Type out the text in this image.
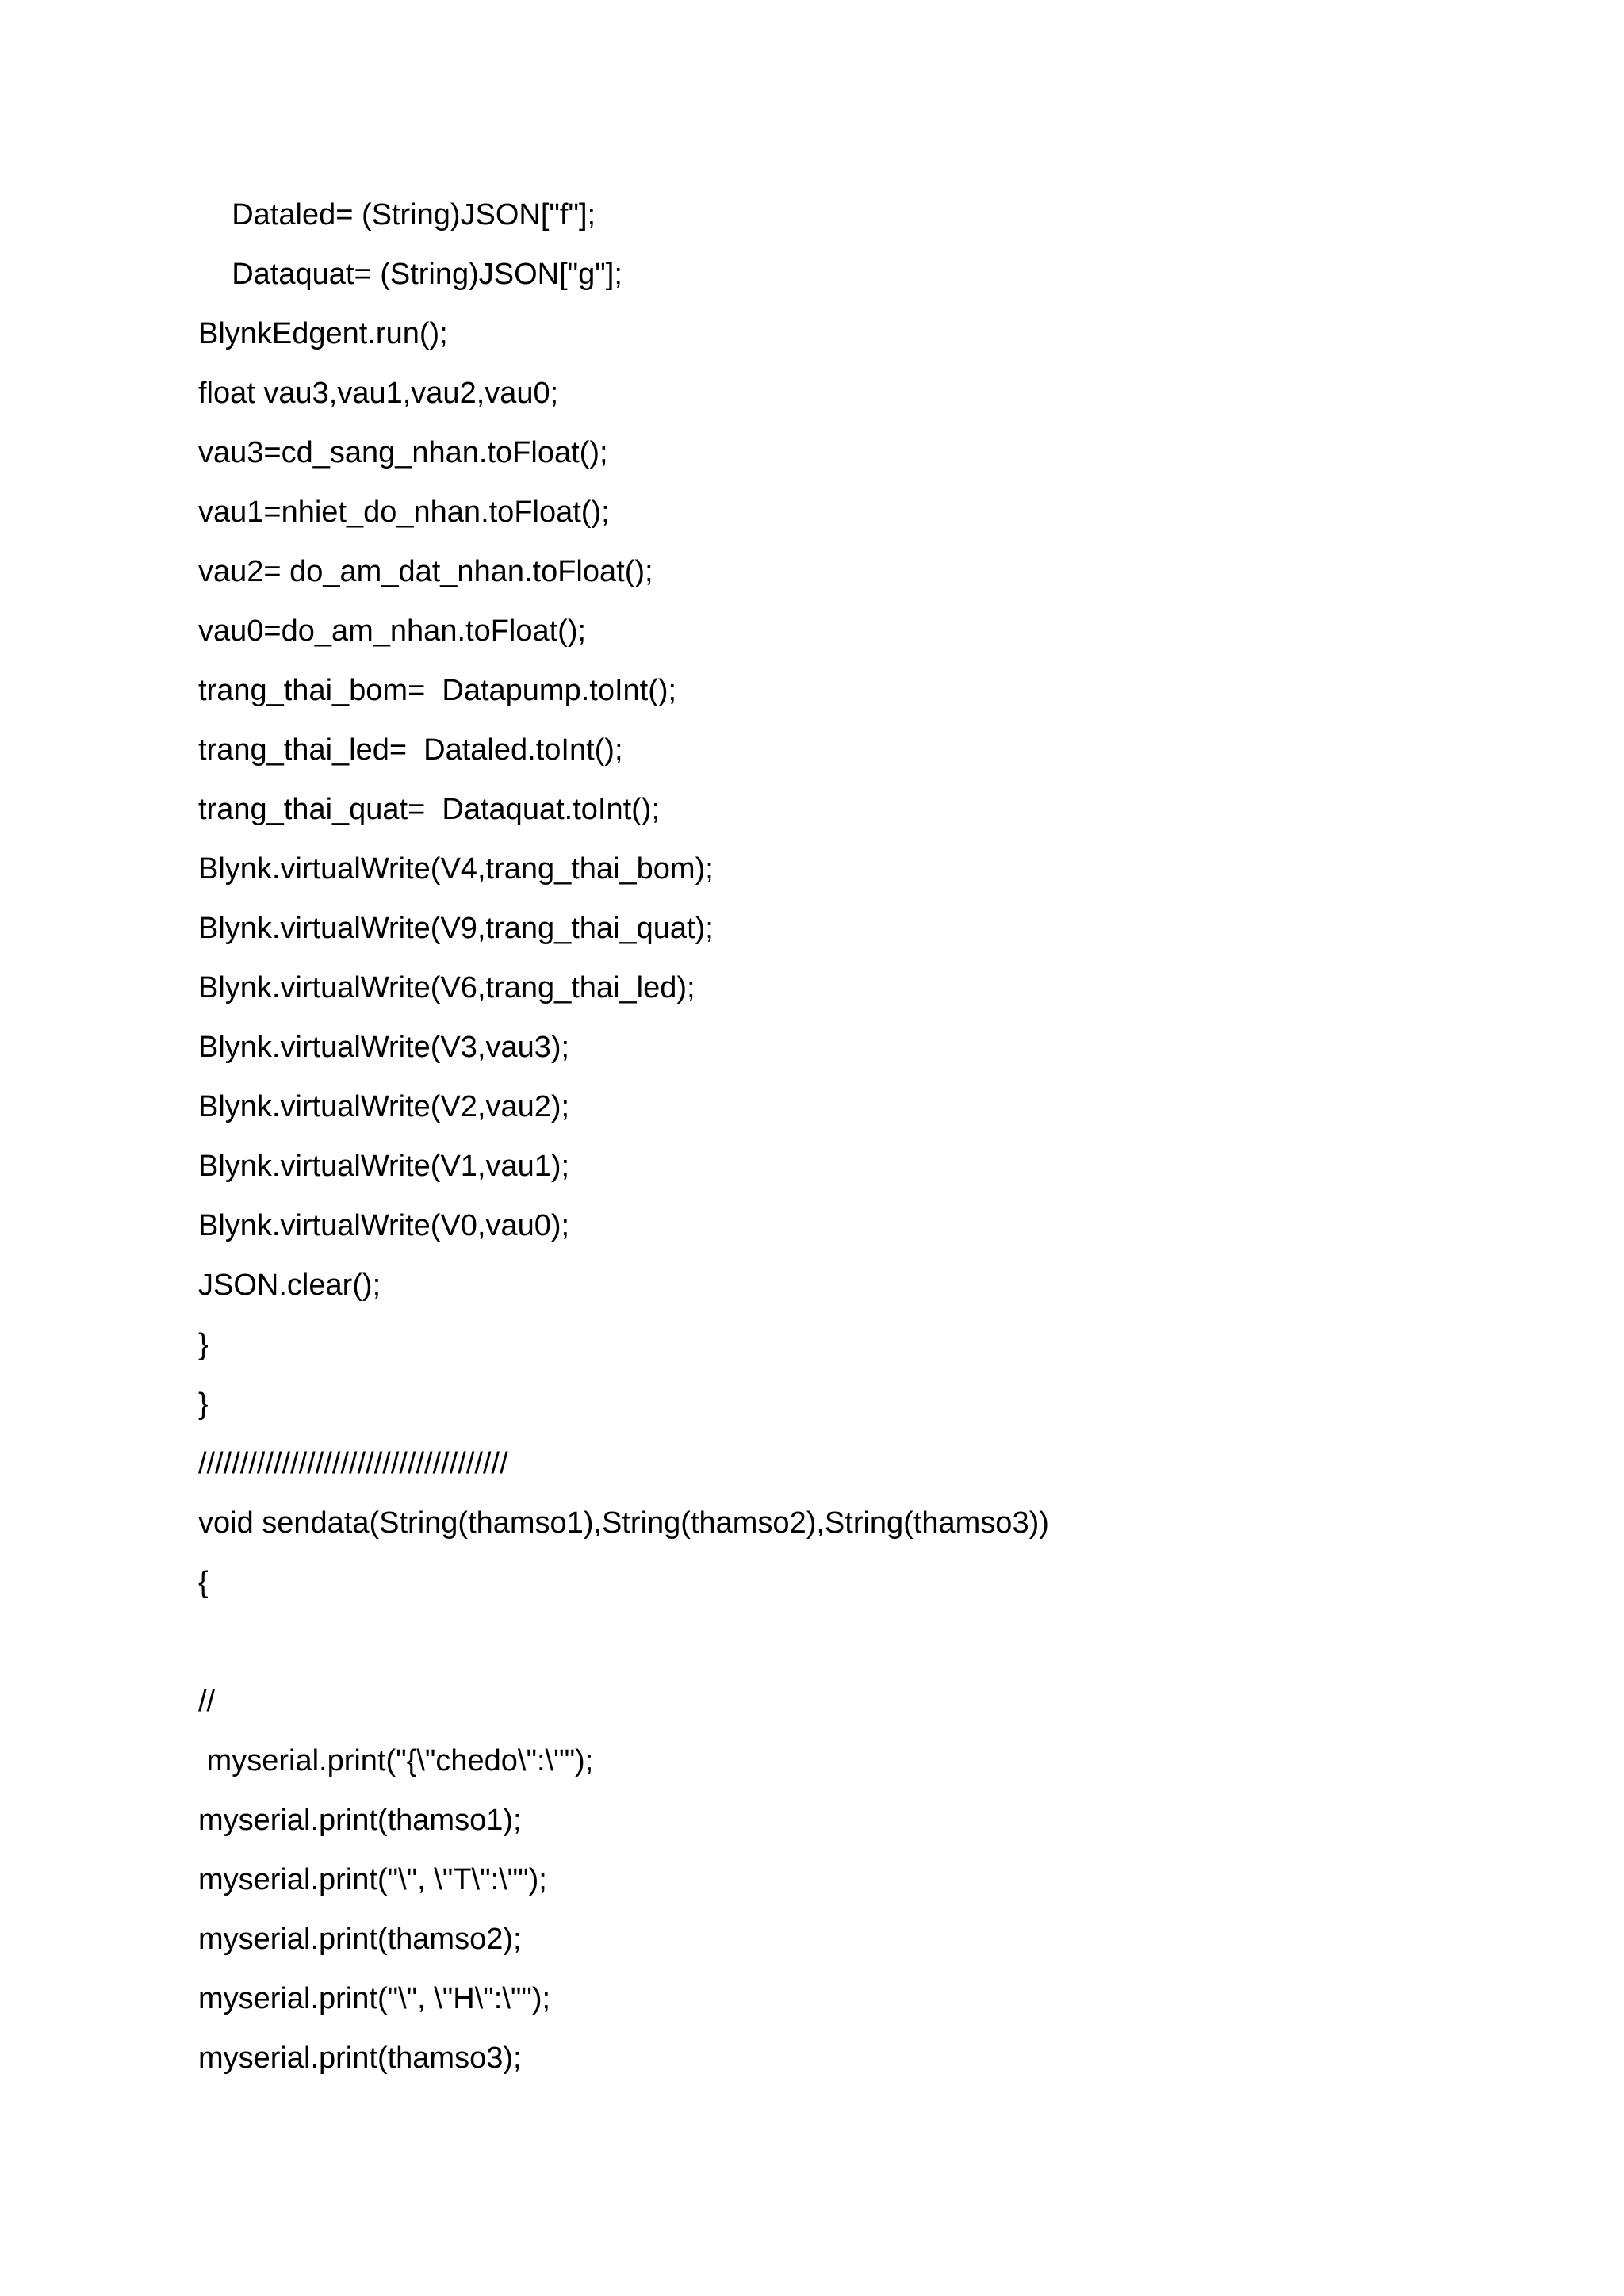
Dataled= (String)JSON["f"];
Dataquat= (String)JSON["g"];
BlynkEdgent.run();
float vau3,vau1,vau2,vau0;
vau3=cd_sang_nhan.toFloat();
vau1=nhiet_do_nhan.toFloat();
vau2= do_am_dat_nhan.toFloat();
vau0=do_am_nhan.toFloat();
trang_thai_bom=  Datapump.toInt();
trang_thai_led=  Dataled.toInt();
trang_thai_quat=  Dataquat.toInt();
Blynk.virtualWrite(V4,trang_thai_bom);
Blynk.virtualWrite(V9,trang_thai_quat);
Blynk.virtualWrite(V6,trang_thai_led);
Blynk.virtualWrite(V3,vau3);
Blynk.virtualWrite(V2,vau2);
Blynk.virtualWrite(V1,vau1);
Blynk.virtualWrite(V0,vau0);
JSON.clear();
}
}
/////////////////////////////////////
void sendata(String(thamso1),String(thamso2),String(thamso3))
{
//
myserial.print("{\"chedo\":\"");
myserial.print(thamso1);
myserial.print("\", \"T\":\"");
myserial.print(thamso2);
myserial.print("\", \"H\":\"");
myserial.print(thamso3);
